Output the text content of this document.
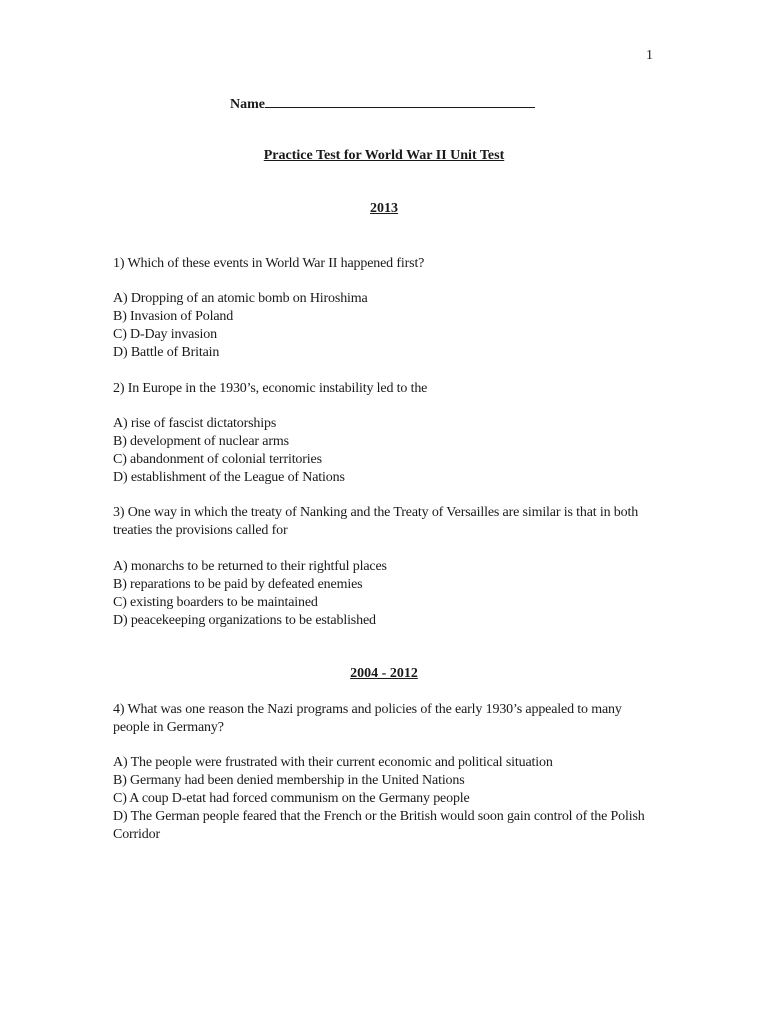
1
Name
Practice Test for World War II Unit Test
2013
1) Which of these events in World War II happened first?

A) Dropping of an atomic bomb on Hiroshima

B) Invasion of Poland

C) D-Day invasion

D) Battle of Britain

2) In Europe in the 1930’s, economic instability led to the

A) rise of fascist dictatorships

B) development of nuclear arms

C) abandonment of colonial territories

D) establishment of the League of Nations

3) One way in which the treaty of Nanking and the Treaty of Versailles are similar is that in both treaties the provisions called for

A) monarchs to be returned to their rightful places

B) reparations to be paid by defeated enemies

C) existing boarders to be maintained

D) peacekeeping organizations to be established

2004 - 2012
4) What was one reason the Nazi programs and policies of the early 1930’s appealed to many people in Germany?

A) The people were frustrated with their current economic and political situation

B) Germany had been denied membership in the United Nations

C) A coup D-etat had forced communism on the Germany people

D) The German people feared that the French or the British would soon gain control of the Polish Corridor
